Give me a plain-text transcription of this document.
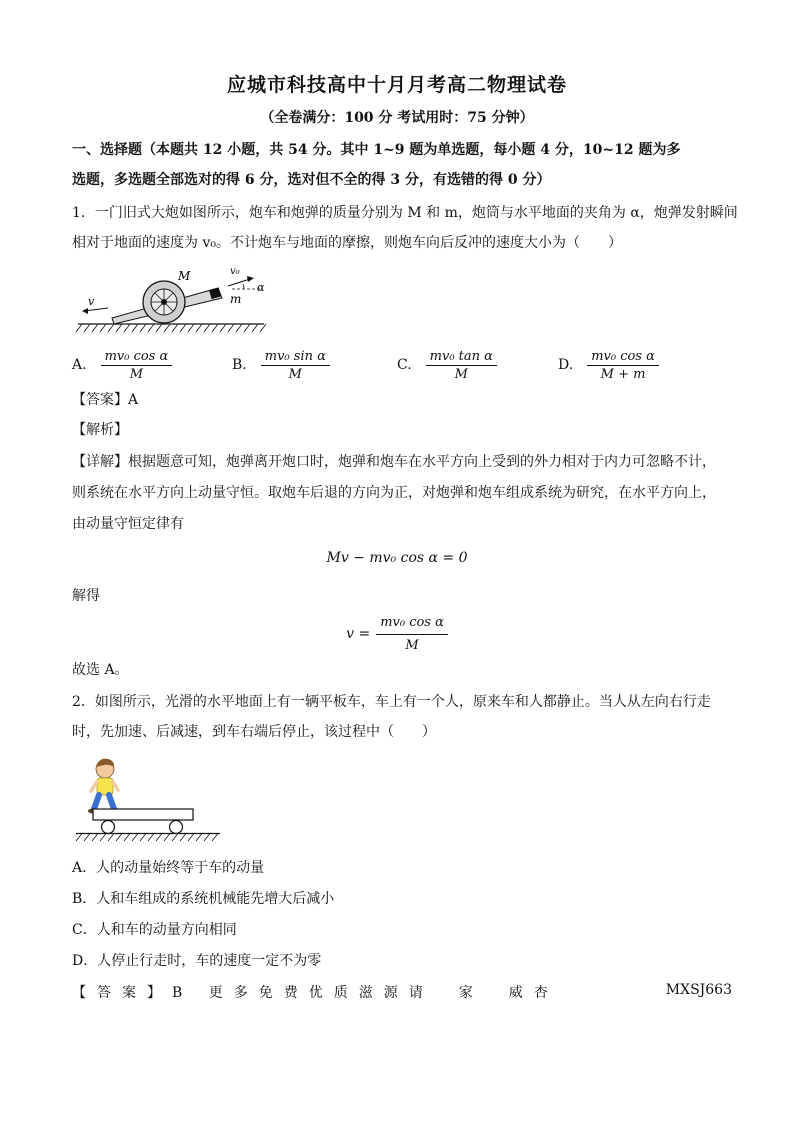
应城市科技高中十月月考高二物理试卷
（全卷满分：100 分 考试用时：75 分钟）
一、选择题（本题共 12 小题，共 54 分。其中 1~9 题为单选题，每小题 4 分，10~12 题为多
选题，多选题全部选对的得 6 分，选对但不全的得 3 分，有选错的得 0 分）
1．一门旧式大炮如图所示，炮车和炮弹的质量分别为 M 和 m，炮筒与水平地面的夹角为 α，炮弹发射瞬间
相对于地面的速度为 v₀。不计炮车与地面的摩擦，则炮车向后反冲的速度大小为（　　）
v
M	v₀
α
m
A. $\frac{\text{mv₀ cos α}}{M}$	B. $\frac{\text{mv₀ sin α}}{M}$	C. $\frac{\text{mv₀ tan α}}{M}$	D. $\frac{\text{mv₀ cos α}}{M + m}$
【答案】A
【解析】
【详解】根据题意可知，炮弹离开炮口时，炮弹和炮车在水平方向上受到的外力相对于内力可忽略不计，
则系统在水平方向上动量守恒。取炮车后退的方向为正，对炮弹和炮车组成系统为研究，在水平方向上，
由动量守恒定律有
Mv − mv₀ cos α = 0
解得
$v = \frac{\text{mv₀ cos α}}{M}$
故选 A。
2．如图所示，光滑的水平地面上有一辆平板车，车上有一个人，原来车和人都静止。当人从左向右行走
时，先加速、后减速，到车右端后停止，该过程中（　　）
A．人的动量始终等于车的动量
B．人和车组成的系统机械能先增大后减小
C．人和车的动量方向相同
D．人停止行走时，车的速度一定不为零
【答案】B 更多免费优质滋源请　家　威杏	MXSJ663
